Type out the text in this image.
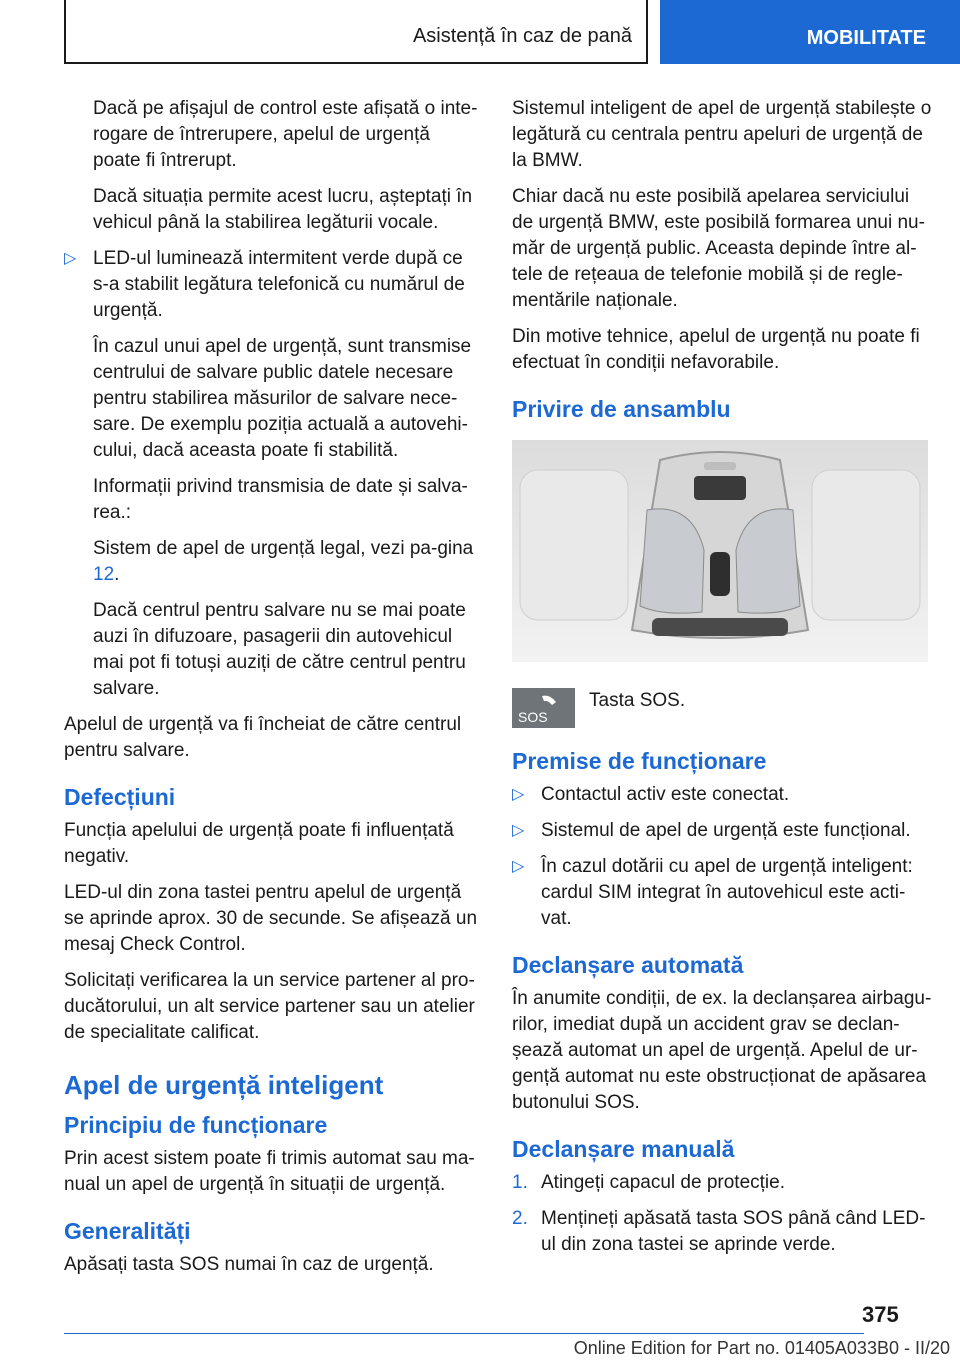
Asistență în caz de pană	MOBILITATE

Dacă pe afișajul de control este afișată o inte-rogare de întrerupere, apelul de urgență poate fi întrerupt.

Dacă situația permite acest lucru, așteptați în vehicul până la stabilirea legăturii vocale.

▷ LED-ul luminează intermitent verde după ce s-a stabilit legătura telefonică cu numărul de urgență.

În cazul unui apel de urgență, sunt transmise centrului de salvare public datele necesare pentru stabilirea măsurilor de salvare nece-sare. De exemplu poziția actuală a autovehi-cului, dacă aceasta poate fi stabilită.

Informații privind transmisia de date și salva-rea.:

Sistem de apel de urgență legal, vezi pa-gina 12.

Dacă centrul pentru salvare nu se mai poate auzi în difuzoare, pasagerii din autovehicul mai pot fi totuși auziți de către centrul pentru salvare.

Apelul de urgență va fi încheiat de către centrul pentru salvare.

Defecțiuni

Funcția apelului de urgență poate fi influențată negativ.

LED-ul din zona tastei pentru apelul de urgență se aprinde aprox. 30 de secunde. Se afișează un mesaj Check Control.

Solicitați verificarea la un service partener al pro-ducătorului, un alt service partener sau un atelier de specialitate calificat.

Apel de urgență inteligent
Principiu de funcționare

Prin acest sistem poate fi trimis automat sau ma-nual un apel de urgență în situații de urgență.

Generalități

Apăsați tasta SOS numai în caz de urgență.

Sistemul inteligent de apel de urgență stabilește o legătură cu centrala pentru apeluri de urgență de la BMW.

Chiar dacă nu este posibilă apelarea serviciului de urgență BMW, este posibilă formarea unui nu-măr de urgență public. Aceasta depinde între al-tele de rețeaua de telefonie mobilă și de regle-mentările naționale.

Din motive tehnice, apelul de urgență nu poate fi efectuat în condiții nefavorabile.

Privire de ansamblu
SOS
Tasta SOS.
Premise de funcționare
▷ Contactul activ este conectat.
▷ Sistemul de apel de urgență este funcțional.
▷ În cazul dotării cu apel de urgență inteligent: cardul SIM integrat în autovehicul este acti-vat.
Declanșare automată

În anumite condiții, de ex. la declanșarea airbagu-rilor, imediat după un accident grav se declan-șează automat un apel de urgență. Apelul de ur-gență automat nu este obstrucționat de apăsarea butonului SOS.

Declanșare manuală
1. Atingeți capacul de protecție.
2. Mențineți apăsată tasta SOS până când LED-ul din zona tastei se aprinde verde.
375
Online Edition for Part no. 01405A033B0 - II/20
